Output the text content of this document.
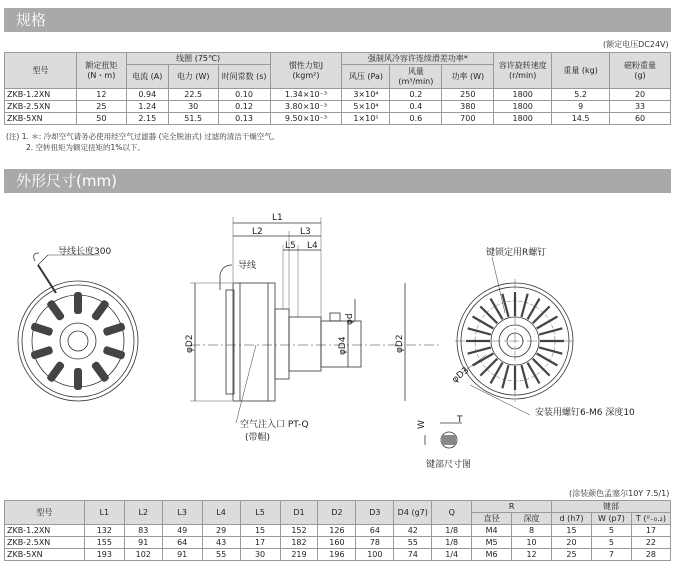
规格
(额定电压DC24V)
型号	额定扭矩
(N・m)	线圈 (75℃)			惯性力矩J
(kgm²)	强制风冷容许连续滑差功率*			容许旋转速度
(r/min)	重量 (kg)	磁粉重量
(g)
		电流 (A)	电力 (W)	时间常数 (s)		风压 (Pa)	风量
(m³/min)	功率 (W)			
ZKB-1.2XN	12	0.94	22.5	0.10	1.34×10⁻³	3×10⁴	0.2	250	1800	5.2	20
ZKB-2.5XN	25	1.24	30	0.12	3.80×10⁻³	5×10⁴	0.4	380	1800	9	33
ZKB-5XN	50	2.15	51.5	0.13	9.50×10⁻³	1×10⁵	0.6	700	1800	14.5	60
(注) 1. ＊: 冷却空气请务必使用经空气过滤器 (完全脱油式) 过滤的清洁干燥空气。
2. 空转扭矩为额定扭矩的1%以下。
外形尺寸(mm)
导线长度300
L1
L2	L3
L5 L4
导线
φD2
φd
φD4	φD2
空气注入口 PT-Q
(带帽)
键锁定用R螺钉
φD3
安装用螺钉6-M6 深度10
W	T
键部尺寸图
(涂装颜色孟塞尔10Y 7.5/1)
型号	L1	L2	L3	L4	L5	D1	D2	D3	D4 (g7)	Q	R		键部		
											直径	深度	d (h7)	W (p7)	T (⁰₋₀.₂)
ZKB-1.2XN	132	83	49	29	15	152	126	64	42	1/8	M4	8	15	5	17
ZKB-2.5XN	155	91	64	43	17	182	160	78	55	1/8	M5	10	20	5	22
ZKB-5XN	193	102	91	55	30	219	196	100	74	1/4	M6	12	25	7	28
